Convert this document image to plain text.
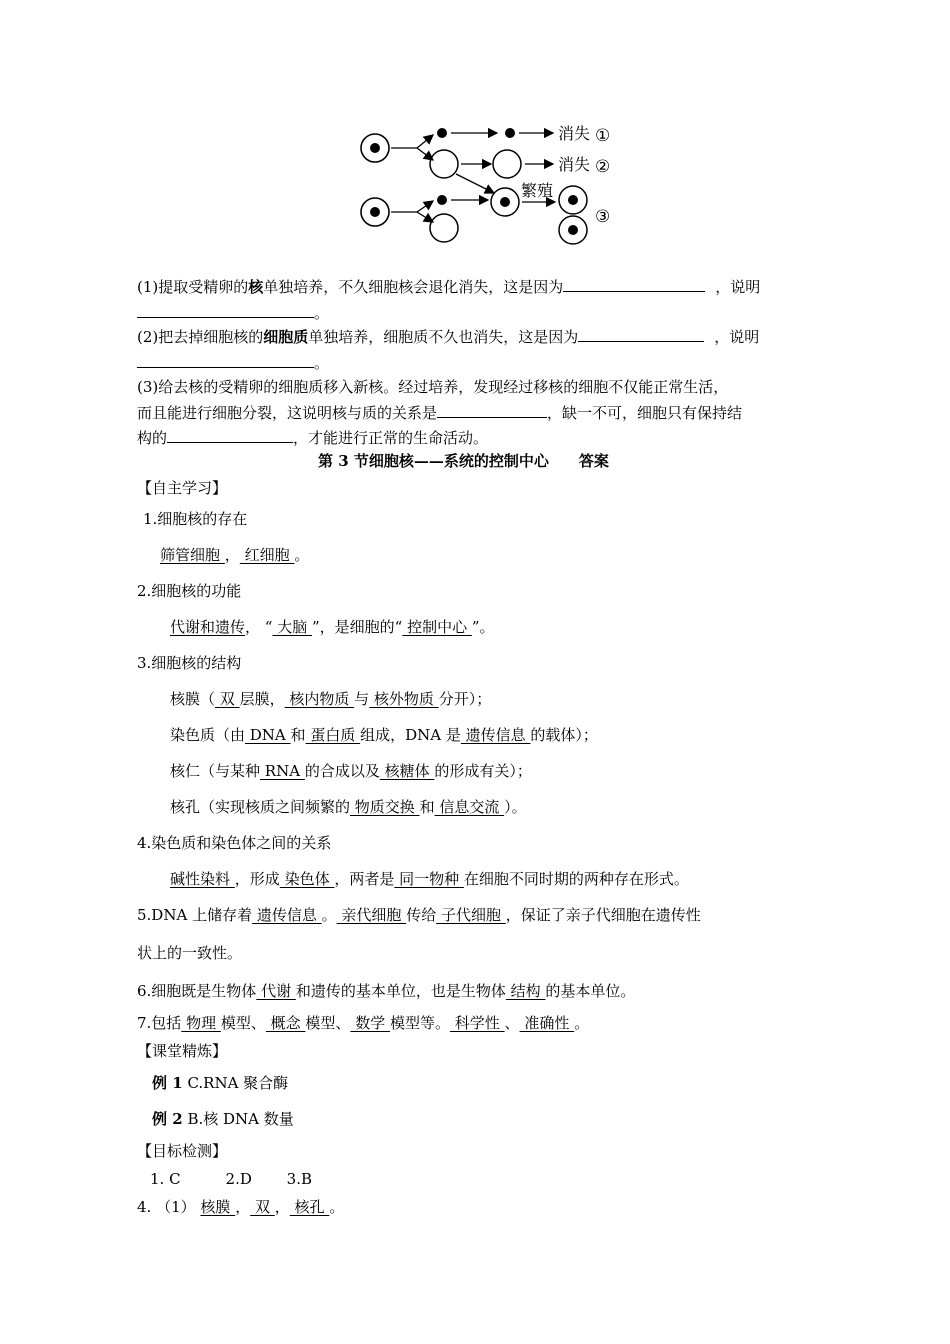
消失 ①
消失 ②
繁殖
③
(1)提取受精卵的核单独培养，不久细胞核会退化消失，这是因为	，说明
。
(2)把去掉细胞核的细胞质单独培养，细胞质不久也消失，这是因为	，说明
。
(3)给去核的受精卵的细胞质移入新核。经过培养，发现经过移核的细胞不仅能正常生活，
而且能进行细胞分裂，这说明核与质的关系是	，缺一不可，细胞只有保持结
构的	，才能进行正常的生命活动。
第 3 节细胞核——系统的控制中心　　答案
【自主学习】
1.细胞核的存在
筛管细胞 ， 红细胞 。
2.细胞核的功能
代谢和遗传， “ 大脑 ”，是细胞的“ 控制中心 ”。
3.细胞核的结构
核膜（ 双 层膜， 核内物质 与 核外物质 分开）；
染色质（由 DNA 和 蛋白质 组成，DNA 是 遗传信息 的载体）；
核仁（与某种 RNA 的合成以及 核糖体 的形成有关）；
核孔（实现核质之间频繁的 物质交换 和 信息交流 ）。
4.染色质和染色体之间的关系
碱性染料 ，形成 染色体 ，两者是 同一物种 在细胞不同时期的两种存在形式。
5.DNA 上储存着 遗传信息 。 亲代细胞 传给 子代细胞 ，保证了亲子代细胞在遗传性
状上的一致性。
6.细胞既是生物体 代谢 和遗传的基本单位，也是生物体 结构 的基本单位。
7.包括 物理 模型、 概念 模型、 数学 模型等。 科学性 、 准确性 。
【课堂精炼】
例 1 C.RNA 聚合酶
例 2 B.核 DNA 数量
【目标检测】
1. C　　　2.D　　 3.B
4. （1） 核膜 ， 双 ， 核孔 。
